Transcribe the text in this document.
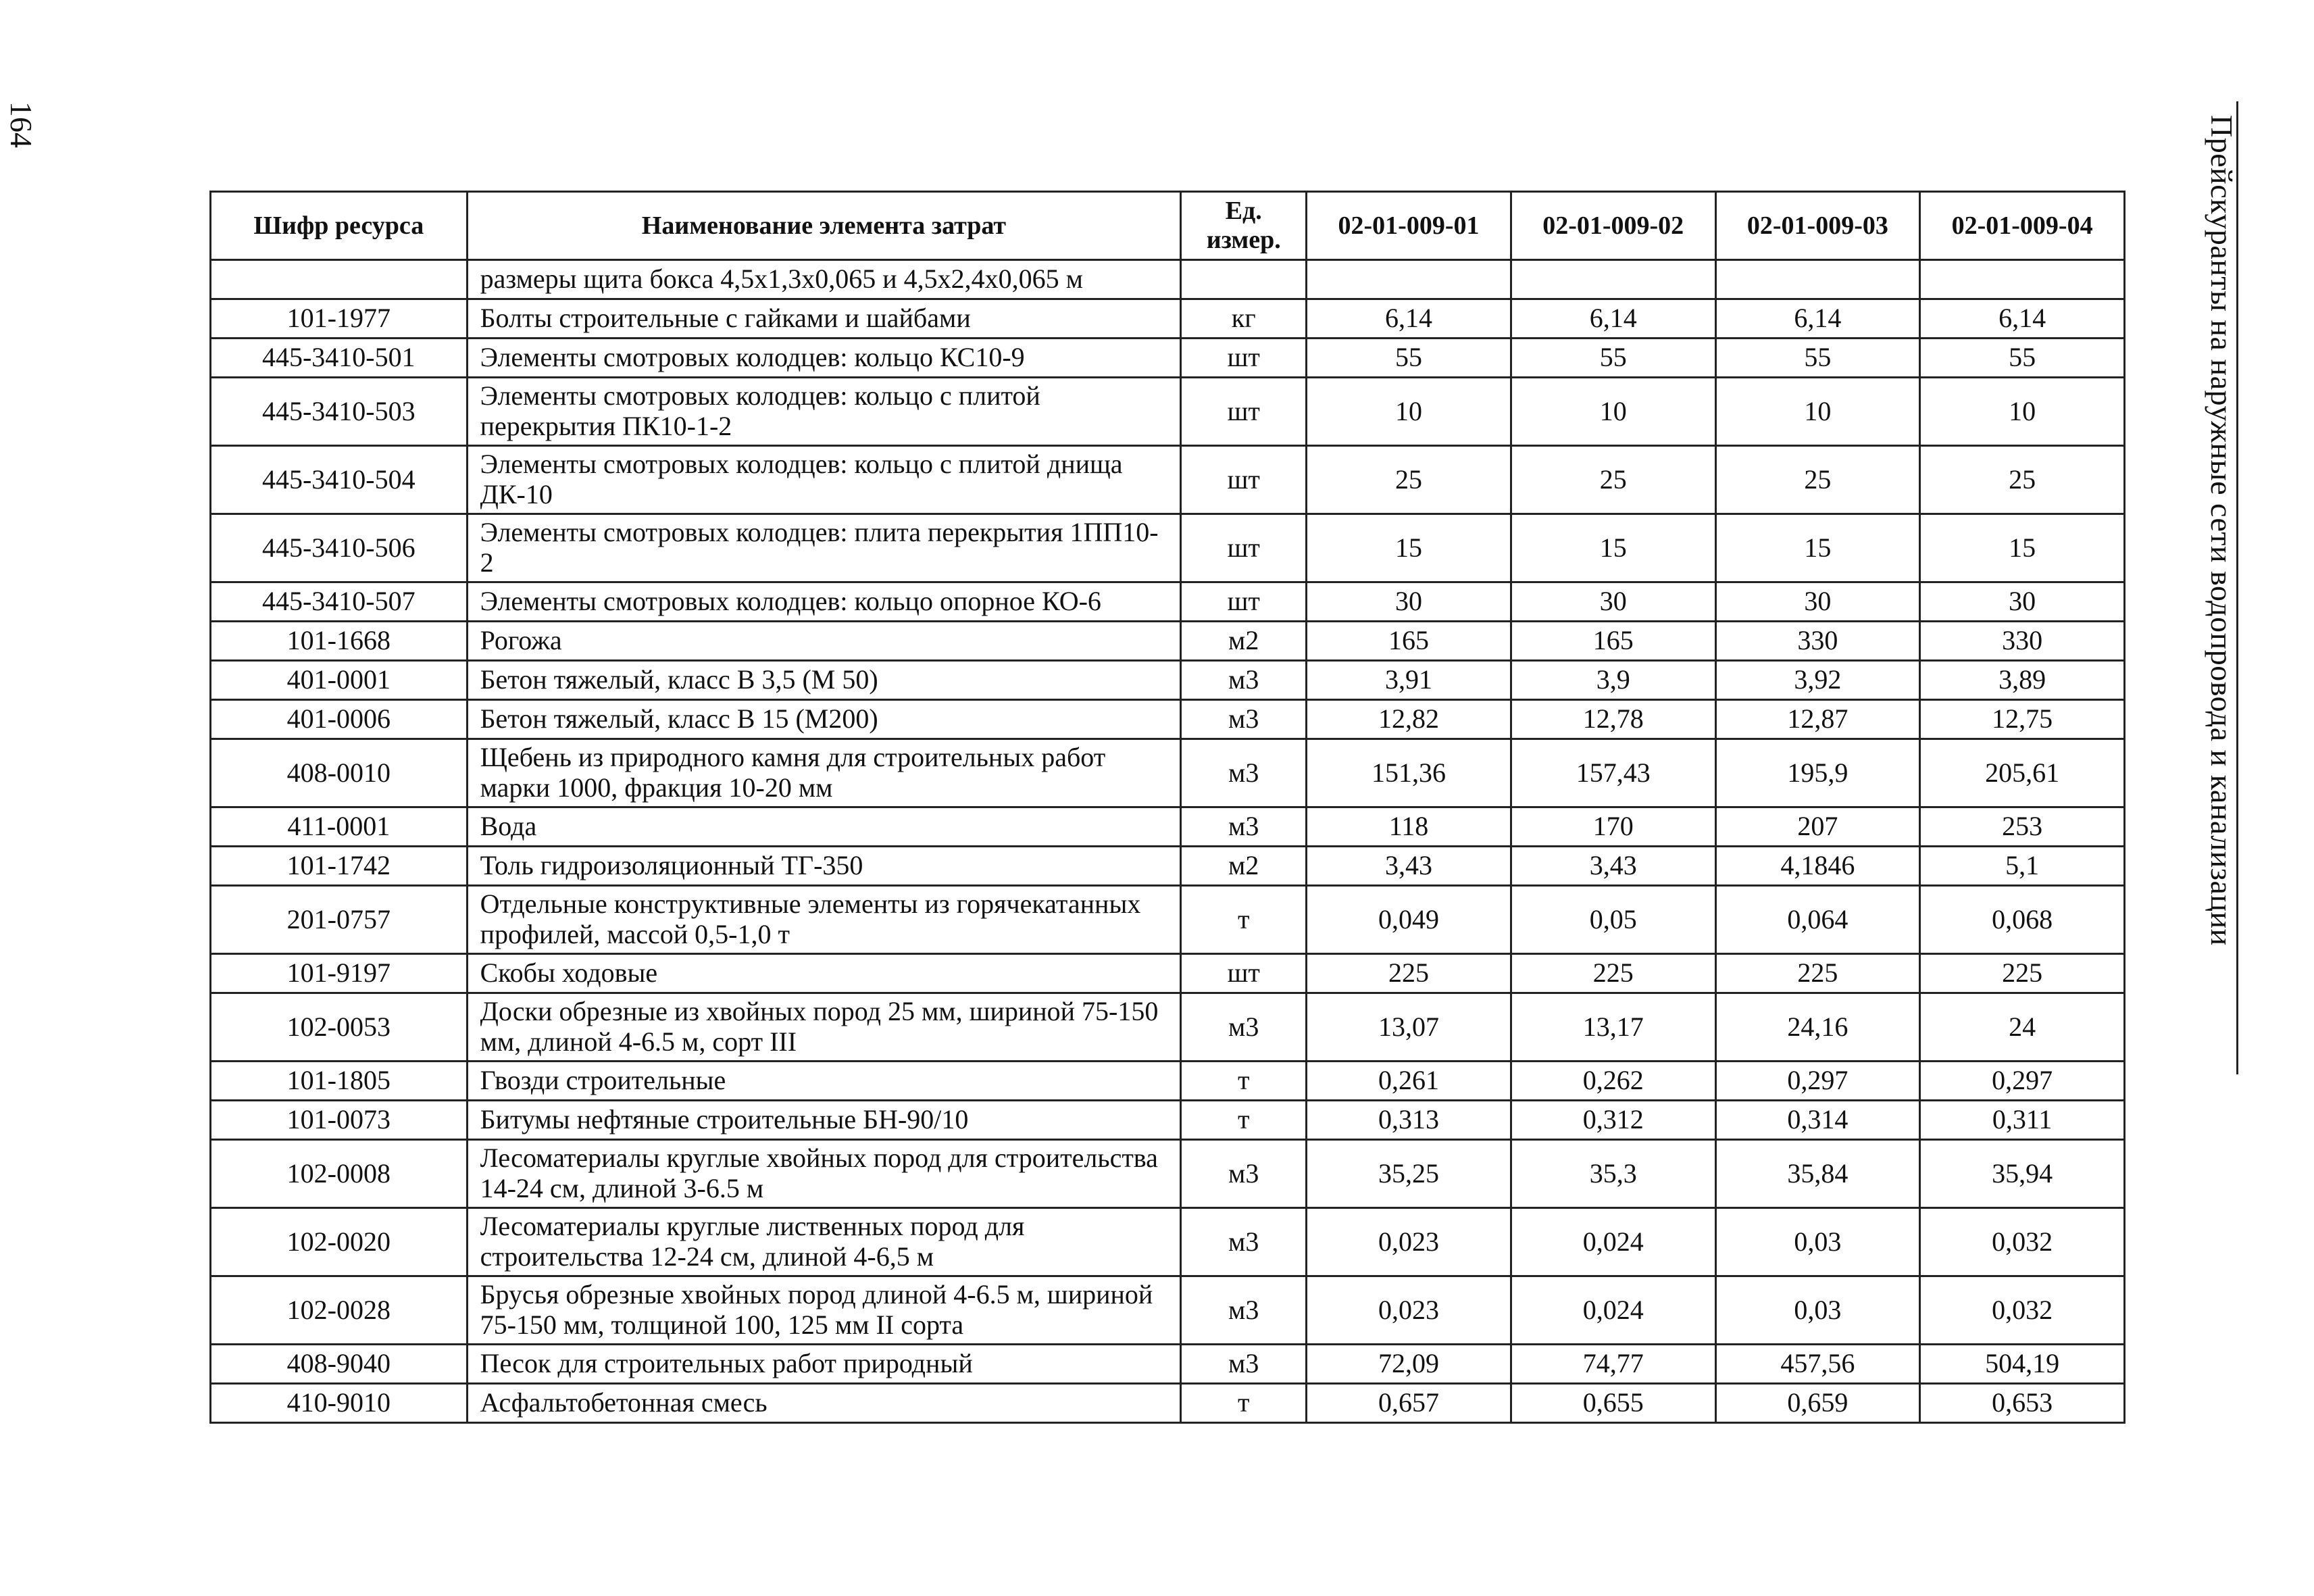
164	Прейскуранты на наружные сети водопровода и канализации
Шифр ресурса	Наименование элемента затрат	Ед. измер.	02-01-009-01	02-01-009-02	02-01-009-03	02-01-009-04
	размеры щита бокса 4,5х1,3х0,065 и 4,5х2,4х0,065 м					
101-1977	Болты строительные с гайками и шайбами	кг	6,14	6,14	6,14	6,14
445-3410-501	Элементы смотровых колодцев: кольцо КС10-9	шт	55	55	55	55
445-3410-503	Элементы смотровых колодцев: кольцо с плитой перекрытия ПК10-1-2	шт	10	10	10	10
445-3410-504	Элементы смотровых колодцев: кольцо с плитой днища ДК-10	шт	25	25	25	25
445-3410-506	Элементы смотровых колодцев: плита перекрытия 1ПП10-2	шт	15	15	15	15
445-3410-507	Элементы смотровых колодцев: кольцо опорное КО-6	шт	30	30	30	30
101-1668	Рогожа	м2	165	165	330	330
401-0001	Бетон тяжелый, класс В 3,5 (М 50)	м3	3,91	3,9	3,92	3,89
401-0006	Бетон тяжелый, класс В 15 (М200)	м3	12,82	12,78	12,87	12,75
408-0010	Щебень из природного камня для строительных работ марки 1000, фракция 10-20 мм	м3	151,36	157,43	195,9	205,61
411-0001	Вода	м3	118	170	207	253
101-1742	Толь гидроизоляционный ТГ-350	м2	3,43	3,43	4,1846	5,1
201-0757	Отдельные конструктивные элементы из горячекатанных профилей, массой 0,5-1,0 т	т	0,049	0,05	0,064	0,068
101-9197	Скобы ходовые	шт	225	225	225	225
102-0053	Доски обрезные из хвойных пород 25 мм, шириной 75-150 мм, длиной 4-6.5 м, сорт III	м3	13,07	13,17	24,16	24
101-1805	Гвозди строительные	т	0,261	0,262	0,297	0,297
101-0073	Битумы нефтяные строительные БН-90/10	т	0,313	0,312	0,314	0,311
102-0008	Лесоматериалы круглые хвойных пород для строительства 14-24 см, длиной 3-6.5 м	м3	35,25	35,3	35,84	35,94
102-0020	Лесоматериалы круглые лиственных пород для строительства 12-24 см, длиной 4-6,5 м	м3	0,023	0,024	0,03	0,032
102-0028	Брусья обрезные хвойных пород длиной 4-6.5 м, шириной 75-150 мм, толщиной 100, 125 мм II сорта	м3	0,023	0,024	0,03	0,032
408-9040	Песок для строительных работ природный	м3	72,09	74,77	457,56	504,19
410-9010	Асфальтобетонная смесь	т	0,657	0,655	0,659	0,653
